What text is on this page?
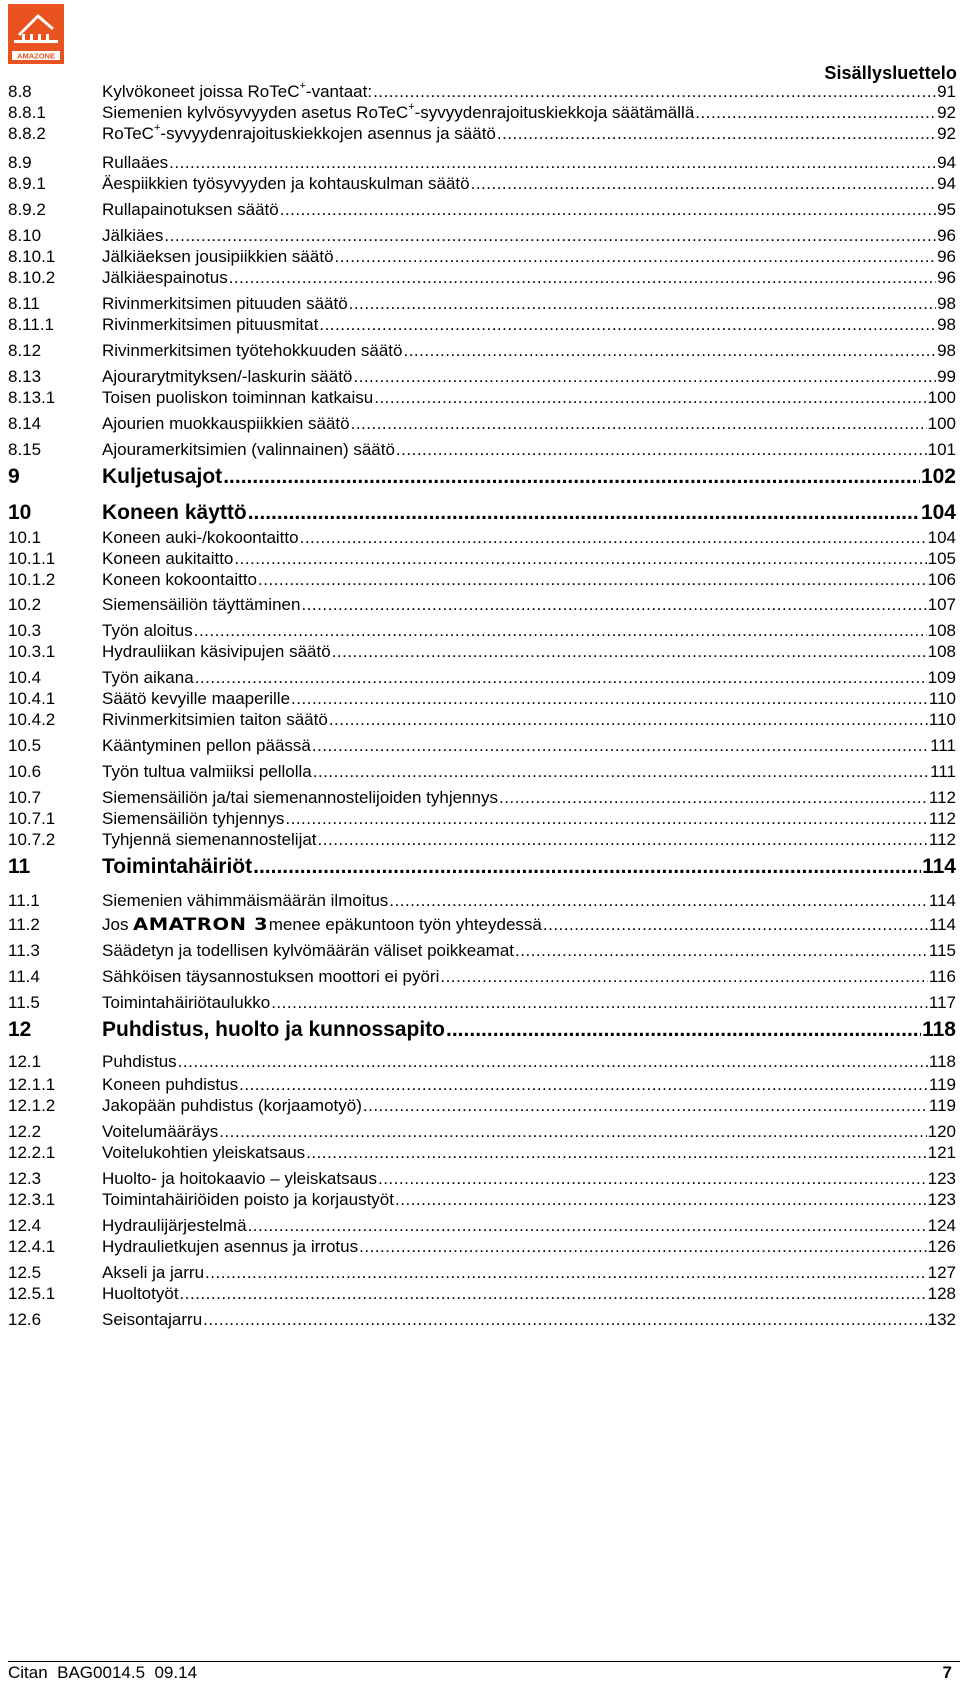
AMAZONE
Sisällysluettelo
8.8	Kylvökoneet joissa RoTeC+-vantaat: .....	91
8.8.1	Siemenien kylvösyvyyden asetus RoTeC+-syvyydenrajoituskiekkoja säätämällä .....	92
8.8.2	RoTeC+-syvyydenrajoituskiekkojen asennus ja säätö .....	92
8.9	Rullaäes .....	94
8.9.1	Äespiikkien työsyvyyden ja kohtauskulman säätö .....	94
8.9.2	Rullapainotuksen säätö .....	95
8.10	Jälkiäes .....	96
8.10.1	Jälkiäeksen jousipiikkien säätö .....	96
8.10.2	Jälkiäespainotus .....	96
8.11	Rivinmerkitsimen pituuden säätö .....	98
8.11.1	Rivinmerkitsimen pituusmitat .....	98
8.12	Rivinmerkitsimen työtehokkuuden säätö .....	98
8.13	Ajourarytmityksen/-laskurin säätö .....	99
8.13.1	Toisen puoliskon toiminnan katkaisu .....	100
8.14	Ajourien muokkauspiikkien säätö .....	100
8.15	Ajouramerkitsimien (valinnainen) säätö .....	101
9	Kuljetusajot .....	102
10	Koneen käyttö .....	104
10.1	Koneen auki-/kokoontaitto .....	104
10.1.1	Koneen aukitaitto .....	105
10.1.2	Koneen kokoontaitto .....	106
10.2	Siemensäiliön täyttäminen .....	107
10.3	Työn aloitus .....	108
10.3.1	Hydrauliikan käsivipujen säätö .....	108
10.4	Työn aikana .....	109
10.4.1	Säätö kevyille maaperille .....	110
10.4.2	Rivinmerkitsimien taiton säätö .....	110
10.5	Kääntyminen pellon päässä .....	111
10.6	Työn tultua valmiiksi pellolla .....	111
10.7	Siemensäiliön ja/tai siemenannostelijoiden tyhjennys .....	112
10.7.1	Siemensäiliön tyhjennys .....	112
10.7.2	Tyhjennä siemenannostelijat .....	112
11	Toimintahäiriöt .....	114
11.1	Siemenien vähimmäismäärän ilmoitus .....	114
11.2	Jos AMATRON 3menee epäkuntoon työn yhteydessä .....	114
11.3	Säädetyn ja todellisen kylvömäärän väliset poikkeamat .....	115
11.4	Sähköisen täysannostuksen moottori ei pyöri .....	116
11.5	Toimintahäiriötaulukko .....	117
12	Puhdistus, huolto ja kunnossapito .....	118
12.1	Puhdistus .....	118
12.1.1	Koneen puhdistus .....	119
12.1.2	Jakopään puhdistus (korjaamotyö) .....	119
12.2	Voitelumääräys .....	120
12.2.1	Voitelukohtien yleiskatsaus .....	121
12.3	Huolto- ja hoitokaavio – yleiskatsaus .....	123
12.3.1	Toimintahäiriöiden poisto ja korjaustyöt .....	123
12.4	Hydraulijärjestelmä .....	124
12.4.1	Hydraulietkujen asennus ja irrotus .....	126
12.5	Akseli ja jarru .....	127
12.5.1	Huoltotyöt .....	128
12.6	Seisontajarru .....	132
Citan  BAG0014.5  09.14	7
